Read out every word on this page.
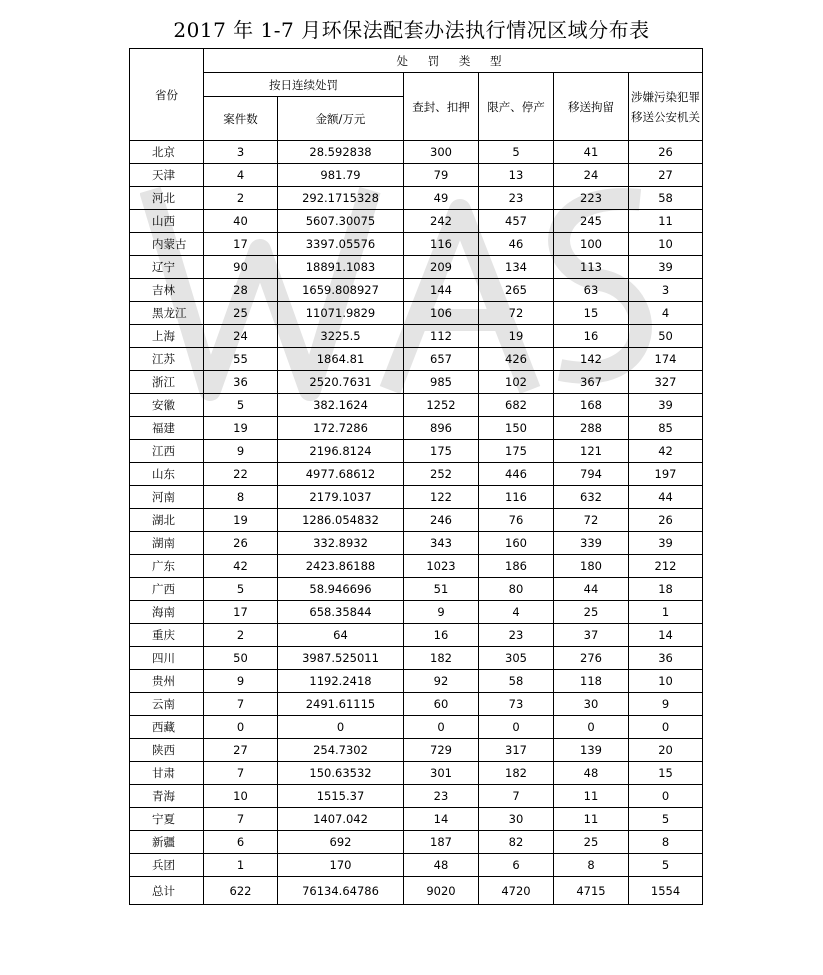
2017 年 1-7 月环保法配套办法执行情况区域分布表
省份	处 罚 类 型					
	按日连续处罚		查封、扣押	限产、停产	移送拘留	涉嫌污染犯罪移送公安机关
	案件数	金额/万元				
北京	3	28.592838	300	5	41	26
天津	4	981.79	79	13	24	27
河北	2	292.1715328	49	23	223	58
山西	40	5607.30075	242	457	245	11
内蒙古	17	3397.05576	116	46	100	10
辽宁	90	18891.1083	209	134	113	39
吉林	28	1659.808927	144	265	63	3
黑龙江	25	11071.9829	106	72	15	4
上海	24	3225.5	112	19	16	50
江苏	55	1864.81	657	426	142	174
浙江	36	2520.7631	985	102	367	327
安徽	5	382.1624	1252	682	168	39
福建	19	172.7286	896	150	288	85
江西	9	2196.8124	175	175	121	42
山东	22	4977.68612	252	446	794	197
河南	8	2179.1037	122	116	632	44
湖北	19	1286.054832	246	76	72	26
湖南	26	332.8932	343	160	339	39
广东	42	2423.86188	1023	186	180	212
广西	5	58.946696	51	80	44	18
海南	17	658.35844	9	4	25	1
重庆	2	64	16	23	37	14
四川	50	3987.525011	182	305	276	36
贵州	9	1192.2418	92	58	118	10
云南	7	2491.61115	60	73	30	9
西藏	0	0	0	0	0	0
陕西	27	254.7302	729	317	139	20
甘肃	7	150.63532	301	182	48	15
青海	10	1515.37	23	7	11	0
宁夏	7	1407.042	14	30	11	5
新疆	6	692	187	82	25	8
兵团	1	170	48	6	8	5
总计	622	76134.64786	9020	4720	4715	1554
